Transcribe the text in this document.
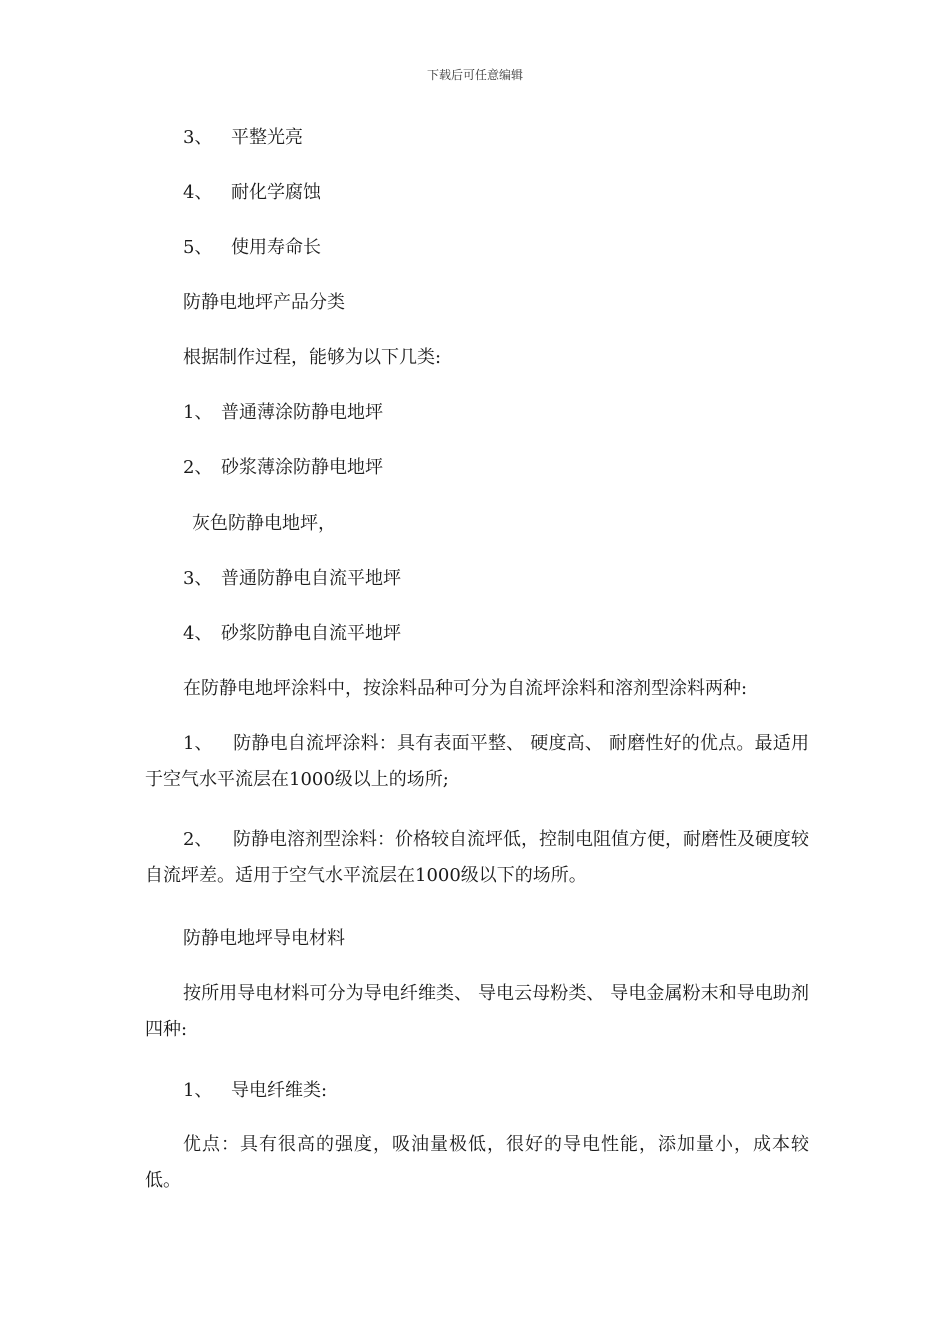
下载后可任意编辑
3、 平整光亮
4、 耐化学腐蚀
5、 使用寿命长
防静电地坪产品分类
根据制作过程，能够为以下几类:
1、 普通薄涂防静电地坪
2、 砂浆薄涂防静电地坪
灰色防静电地坪，
3、 普通防静电自流平地坪
4、 砂浆防静电自流平地坪
在防静电地坪涂料中，按涂料品种可分为自流坪涂料和溶剂型涂料两种:
1、 防静电自流坪涂料：具有表面平整、 硬度高、 耐磨性好的优点。最适用于空气水平流层在1000级以上的场所;
2、 防静电溶剂型涂料：价格较自流坪低，控制电阻值方便，耐磨性及硬度较自流坪差。适用于空气水平流层在1000级以下的场所。
防静电地坪导电材料
按所用导电材料可分为导电纤维类、 导电云母粉类、 导电金属粉末和导电助剂四种:
1、 导电纤维类:
优点：具有很高的强度，吸油量极低，很好的导电性能，添加量小，成本较低。
